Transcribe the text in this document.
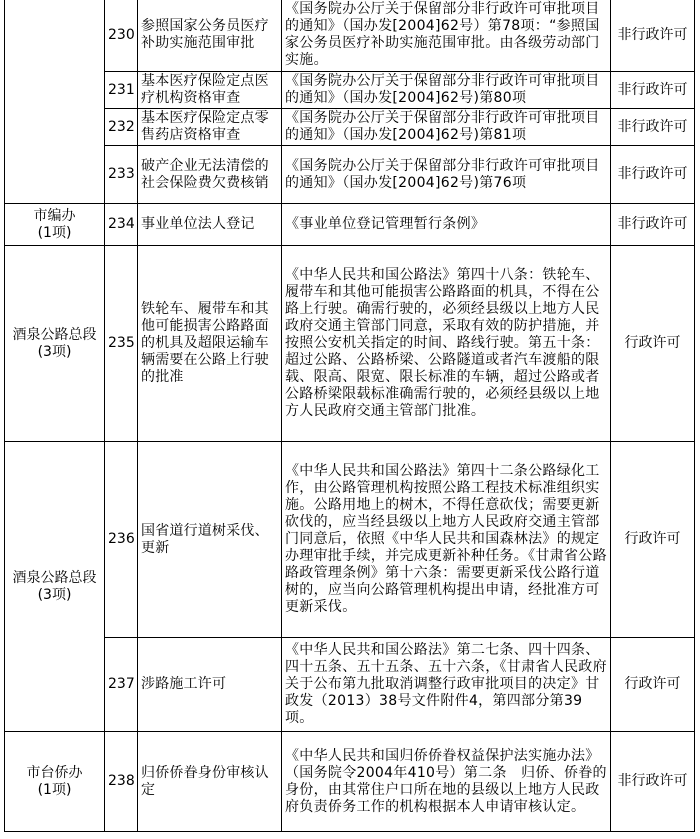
	230	参照国家公务员医疗补助实施范围审批	《国务院办公厅关于保留部分非行政许可审批项目的通知》（国办发[2004]62号）第78项：“参照国家公务员医疗补助实施范围审批。由各级劳动部门实施。	非行政许可
	231	基本医疗保险定点医疗机构资格审查	《国务院办公厅关于保留部分非行政许可审批项目的通知》（国办发[2004]62号)第80项	非行政许可
	232	基本医疗保险定点零售药店资格审查	《国务院办公厅关于保留部分非行政许可审批项目的通知》（国办发[2004]62号)第81项	非行政许可
	233	破产企业无法清偿的社会保险费欠费核销	《国务院办公厅关于保留部分非行政许可审批项目的通知》（国办发[2004]62号)第76项	非行政许可

市编办
(1项)	234	事业单位法人登记	《事业单位登记管理暂行条例》	非行政许可

酒泉公路总段(3项)	235	铁轮车、履带车和其他可能损害公路路面的机具及超限运输车辆需要在公路上行驶的批准	《中华人民共和国公路法》第四十八条：铁轮车、履带车和其他可能损害公路路面的机具，不得在公路上行驶。确需行驶的，必须经县级以上地方人民政府交通主管部门同意，采取有效的防护措施，并按照公安机关指定的时间、路线行驶。第五十条：超过公路、公路桥梁、公路隧道或者汽车渡船的限载、限高、限宽、限长标准的车辆，超过公路或者公路桥梁限载标准确需行驶的，必须经县级以上地方人民政府交通主管部门批准。	行政许可

酒泉公路总段(3项)	236	国省道行道树采伐、更新	《中华人民共和国公路法》第四十二条公路绿化工作，由公路管理机构按照公路工程技术标准组织实施。公路用地上的树木，不得任意砍伐；需要更新砍伐的，应当经县级以上地方人民政府交通主管部门同意后，依照《中华人民共和国森林法》的规定办理审批手续，并完成更新补种任务。《甘肃省公路路政管理条例》第十六条：需要更新采伐公路行道树的，应当向公路管理机构提出申请，经批准方可更新采伐。	行政许可
	237	涉路施工许可	《中华人民共和国公路法》第二七条、四十四条、四十五条、五十五条、五十六条，《甘肃省人民政府关于公布第九批取消调整行政审批项目的决定》甘政发（2013）38号文件附件4，第四部分第39项。	行政许可

市台侨办
(1项)	238	归侨侨眷身份审核认定	《中华人民共和国归侨侨眷权益保护法实施办法》（国务院令2004年410号）第二条　归侨、侨眷的身份，由其常住户口所在地的县级以上地方人民政府负责侨务工作的机构根据本人申请审核认定。	非行政许可
